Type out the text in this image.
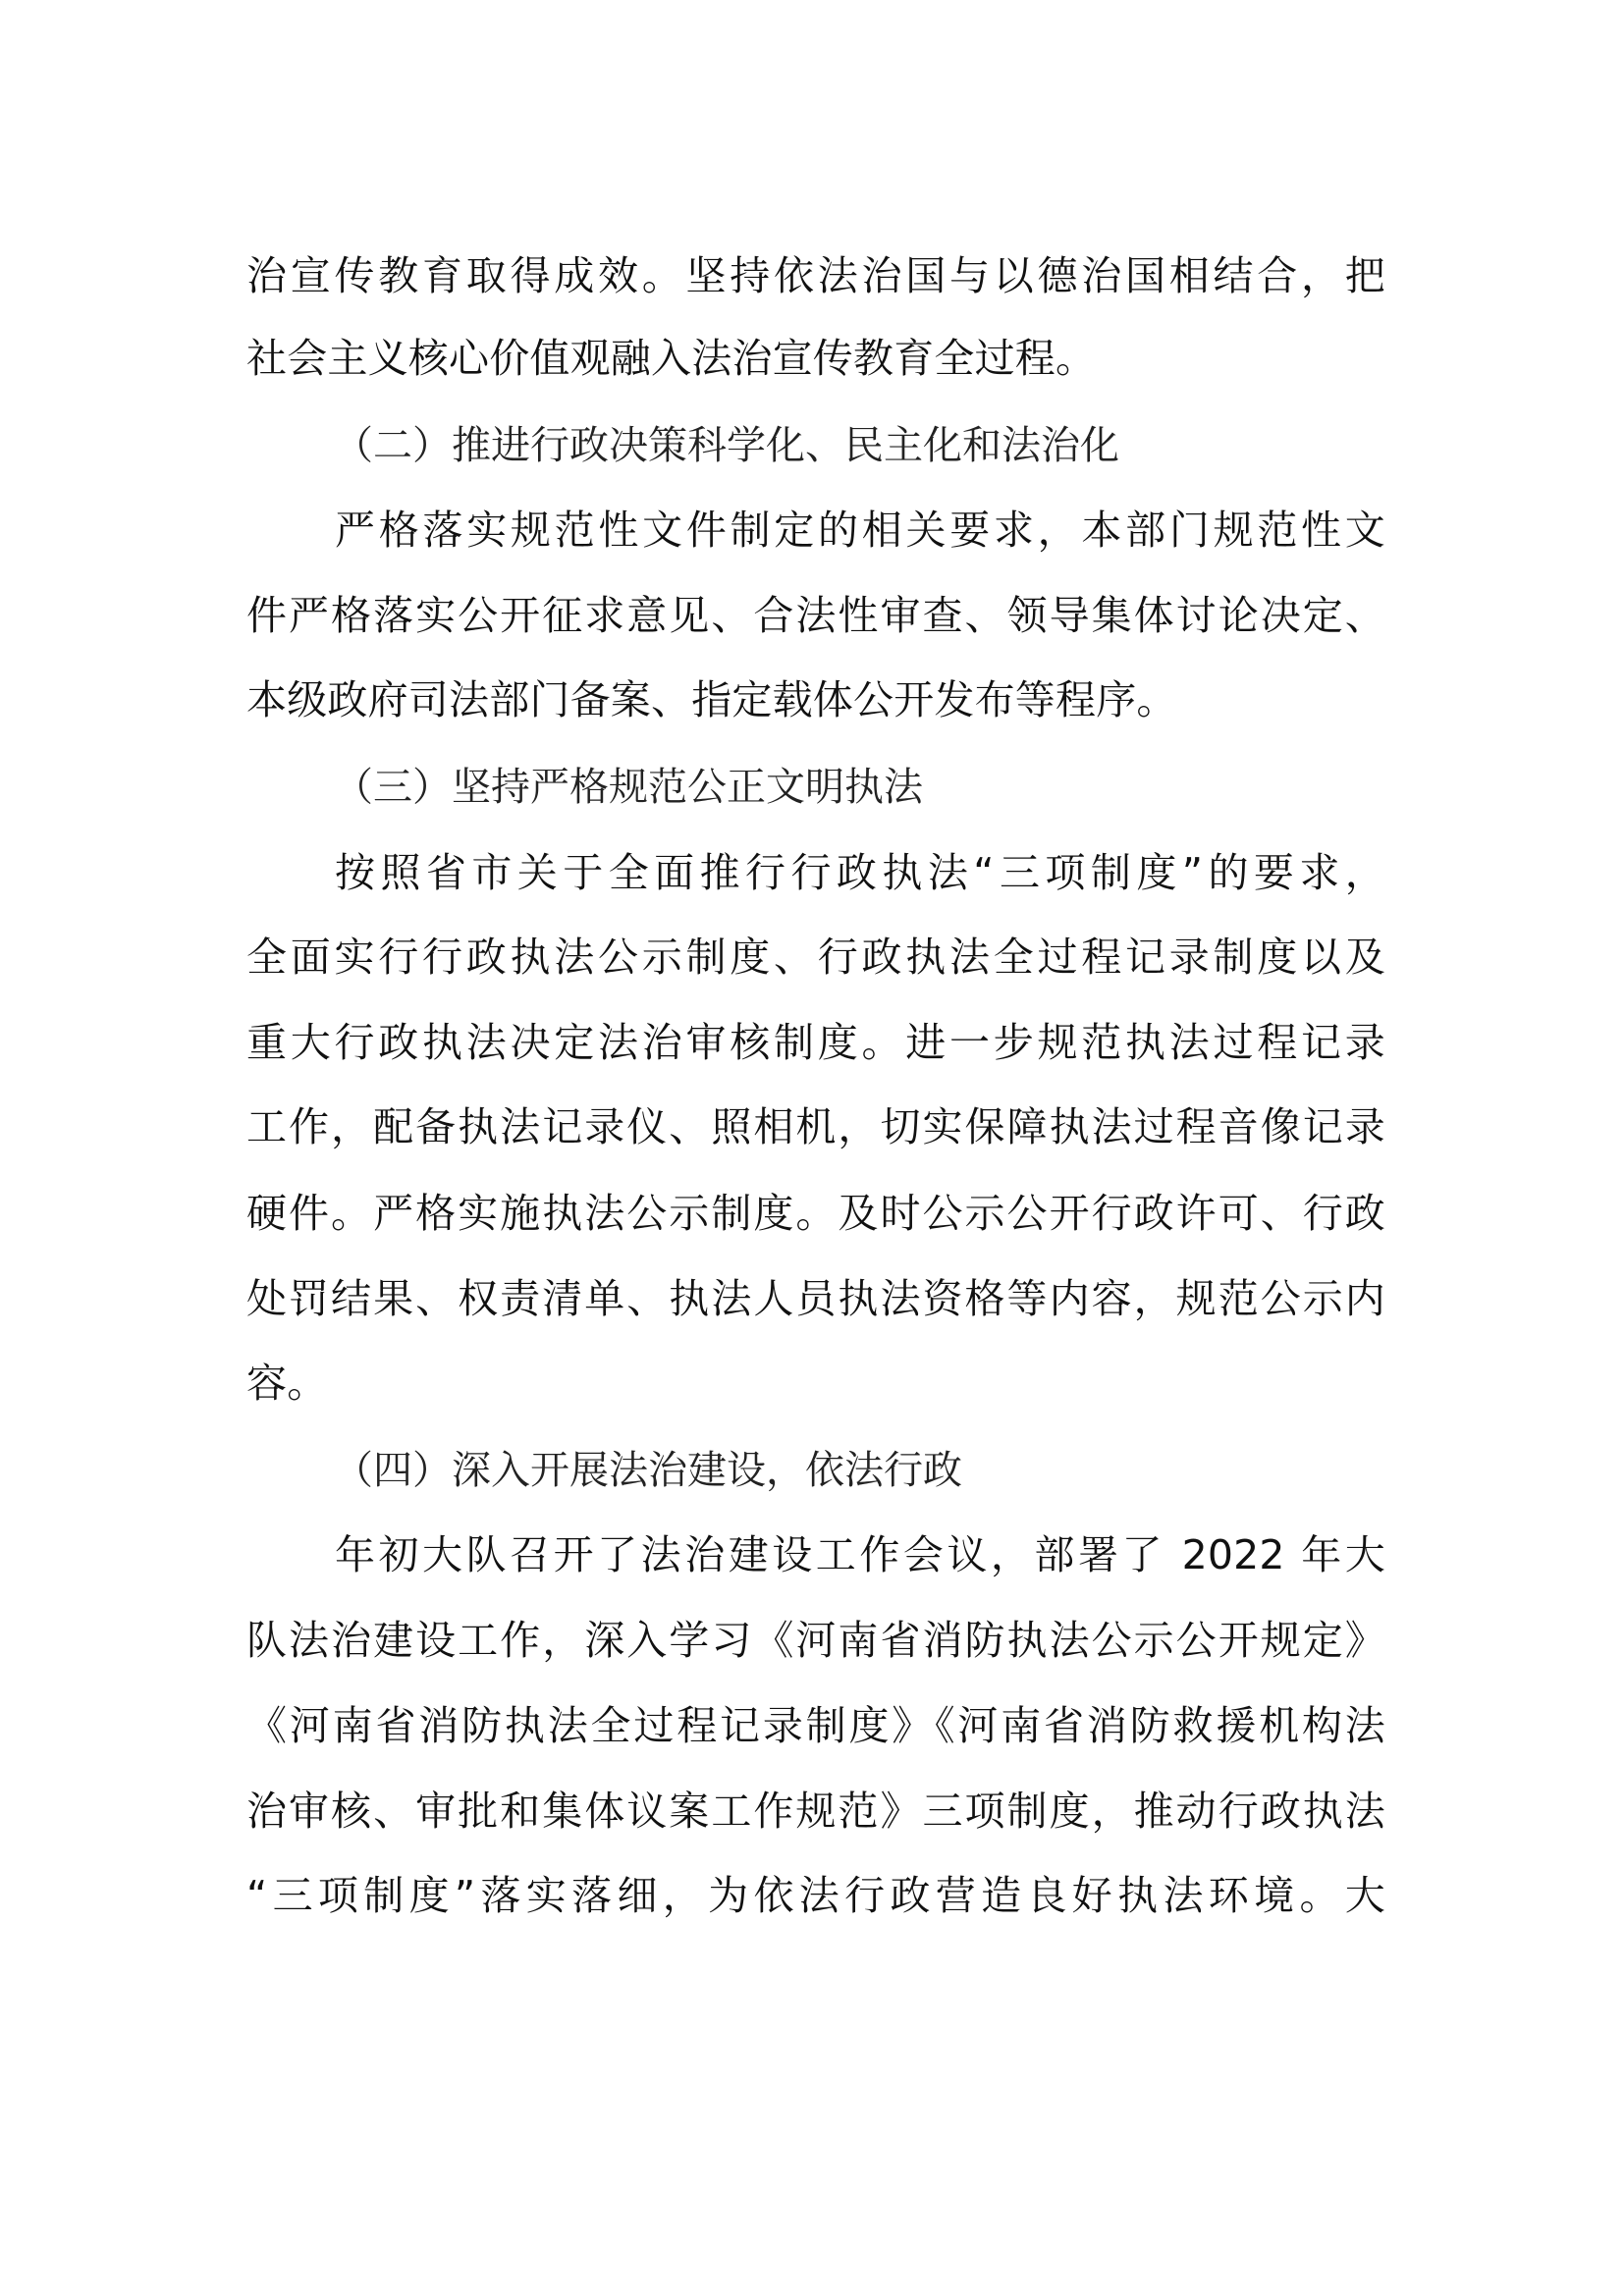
治宣传教育取得成效。坚持依法治国与以德治国相结合，把
社会主义核心价值观融入法治宣传教育全过程。
（二）推进行政决策科学化、民主化和法治化
严格落实规范性文件制定的相关要求，本部门规范性文
件严格落实公开征求意见、合法性审查、领导集体讨论决定、
本级政府司法部门备案、指定载体公开发布等程序。
（三）坚持严格规范公正文明执法
按照省市关于全面推行行政执法“三项制度”的要求，
全面实行行政执法公示制度、行政执法全过程记录制度以及
重大行政执法决定法治审核制度。进一步规范执法过程记录
工作，配备执法记录仪、照相机，切实保障执法过程音像记录
硬件。严格实施执法公示制度。及时公示公开行政许可、行政
处罚结果、权责清单、执法人员执法资格等内容，规范公示内
容。
（四）深入开展法治建设，依法行政
年初大队召开了法治建设工作会议，部署了 2022 年大
队法治建设工作，深入学习《河南省消防执法公示公开规定》
《河南省消防执法全过程记录制度》《河南省消防救援机构法
治审核、审批和集体议案工作规范》三项制度，推动行政执法
“三项制度”落实落细，为依法行政营造良好执法环境。大
